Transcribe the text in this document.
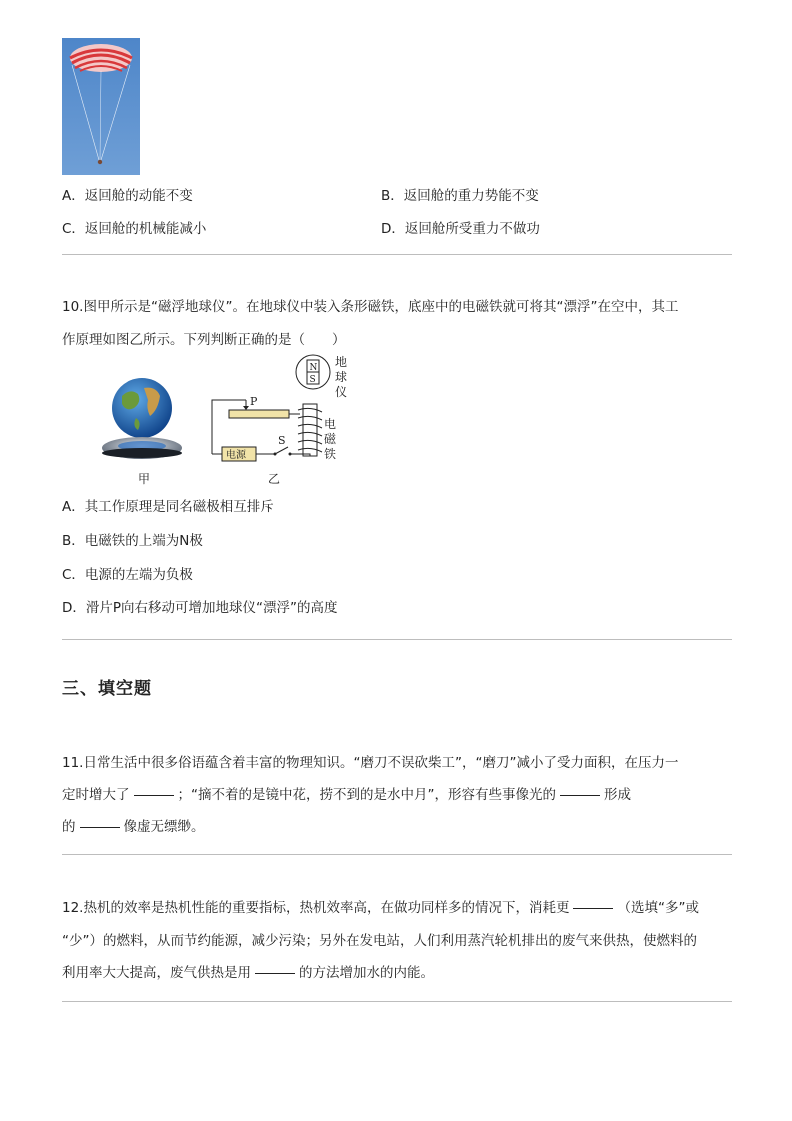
A．返回舱的动能不变	B．返回舱的重力势能不变
C．返回舱的机械能减小	D．返回舱所受重力不做功
10.图甲所示是“磁浮地球仪”。在地球仪中装入条形磁铁，底座中的电磁铁就可将其“漂浮”在空中，其工
作原理如图乙所示。下列判断正确的是（　　）
甲
N
S
地
球
仪
电
磁
铁
P
电源
S
乙
A．其工作原理是同名磁极相互排斥
B．电磁铁的上端为N极
C．电源的左端为负极
D．滑片P向右移动可增加地球仪“漂浮”的高度
三、填空题
11.日常生活中很多俗语蕴含着丰富的物理知识。“磨刀不误砍柴工”，“磨刀”减小了受力面积，在压力一
定时增大了	；“摘不着的是镜中花，捞不到的是水中月”，形容有些事像光的	形成
的	像虚无缥缈。
12.热机的效率是热机性能的重要指标，热机效率高，在做功同样多的情况下，消耗更	（选填“多”或
“少”）的燃料，从而节约能源，减少污染；另外在发电站，人们利用蒸汽轮机排出的废气来供热，使燃料的
利用率大大提高，废气供热是用	的方法增加水的内能。
